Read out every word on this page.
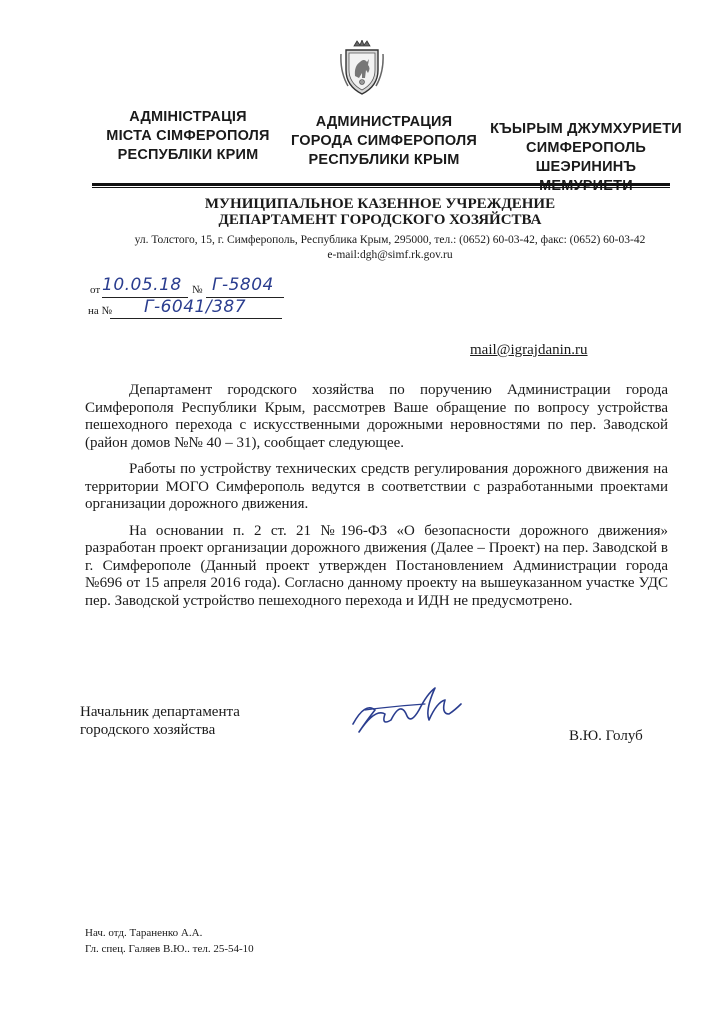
АДМІНІСТРАЦІЯ
МІСТА СІМФЕРОПОЛЯ
РЕСПУБЛІКИ КРИМ
АДМИНИСТРАЦИЯ
ГОРОДА СИМФЕРОПОЛЯ
РЕСПУБЛИКИ КРЫМ
КЪЫРЫМ ДЖУМХУРИЕТИ
СИМФЕРОПОЛЬ
ШЕЭРИНИНЪ
МЕМУРИЕТИ
МУНИЦИПАЛЬНОЕ КАЗЕННОЕ УЧРЕЖДЕНИЕ
ДЕПАРТАМЕНТ ГОРОДСКОГО ХОЗЯЙСТВА
ул. Толстого, 15, г. Симферополь, Республика Крым, 295000, тел.: (0652) 60-03-42, факс: (0652) 60-03-42
e-mail:dgh@simf.rk.gov.ru
от 10.05.18 № Г-5804
на № Г-6041/387
mail@igrajdanin.ru

Департамент городского хозяйства по поручению Администрации города Симферополя Республики Крым, рассмотрев Ваше обращение по вопросу устройства пешеходного перехода с искусственными дорожными неровностями по пер. Заводской (район домов №№ 40 – 31), сообщает следующее.

Работы по устройству технических средств регулирования дорожного движения на территории МОГО Симферополь ведутся в соответствии с разработанными проектами организации дорожного движения.

На основании п. 2 ст. 21 №196-ФЗ «О безопасности дорожного движения» разработан проект организации дорожного движения (Далее – Проект) на пер. Заводской в г. Симферополе (Данный проект утвержден Постановлением Администрации города №696 от 15 апреля 2016 года). Согласно данному проекту на вышеуказанном участке УДС пер. Заводской устройство пешеходного перехода и ИДН не предусмотрено.

Начальник департамента
городского хозяйства	В.Ю. Голуб
Нач. отд. Тараненко А.А.
Гл. спец. Галяев В.Ю.. тел. 25-54-10
